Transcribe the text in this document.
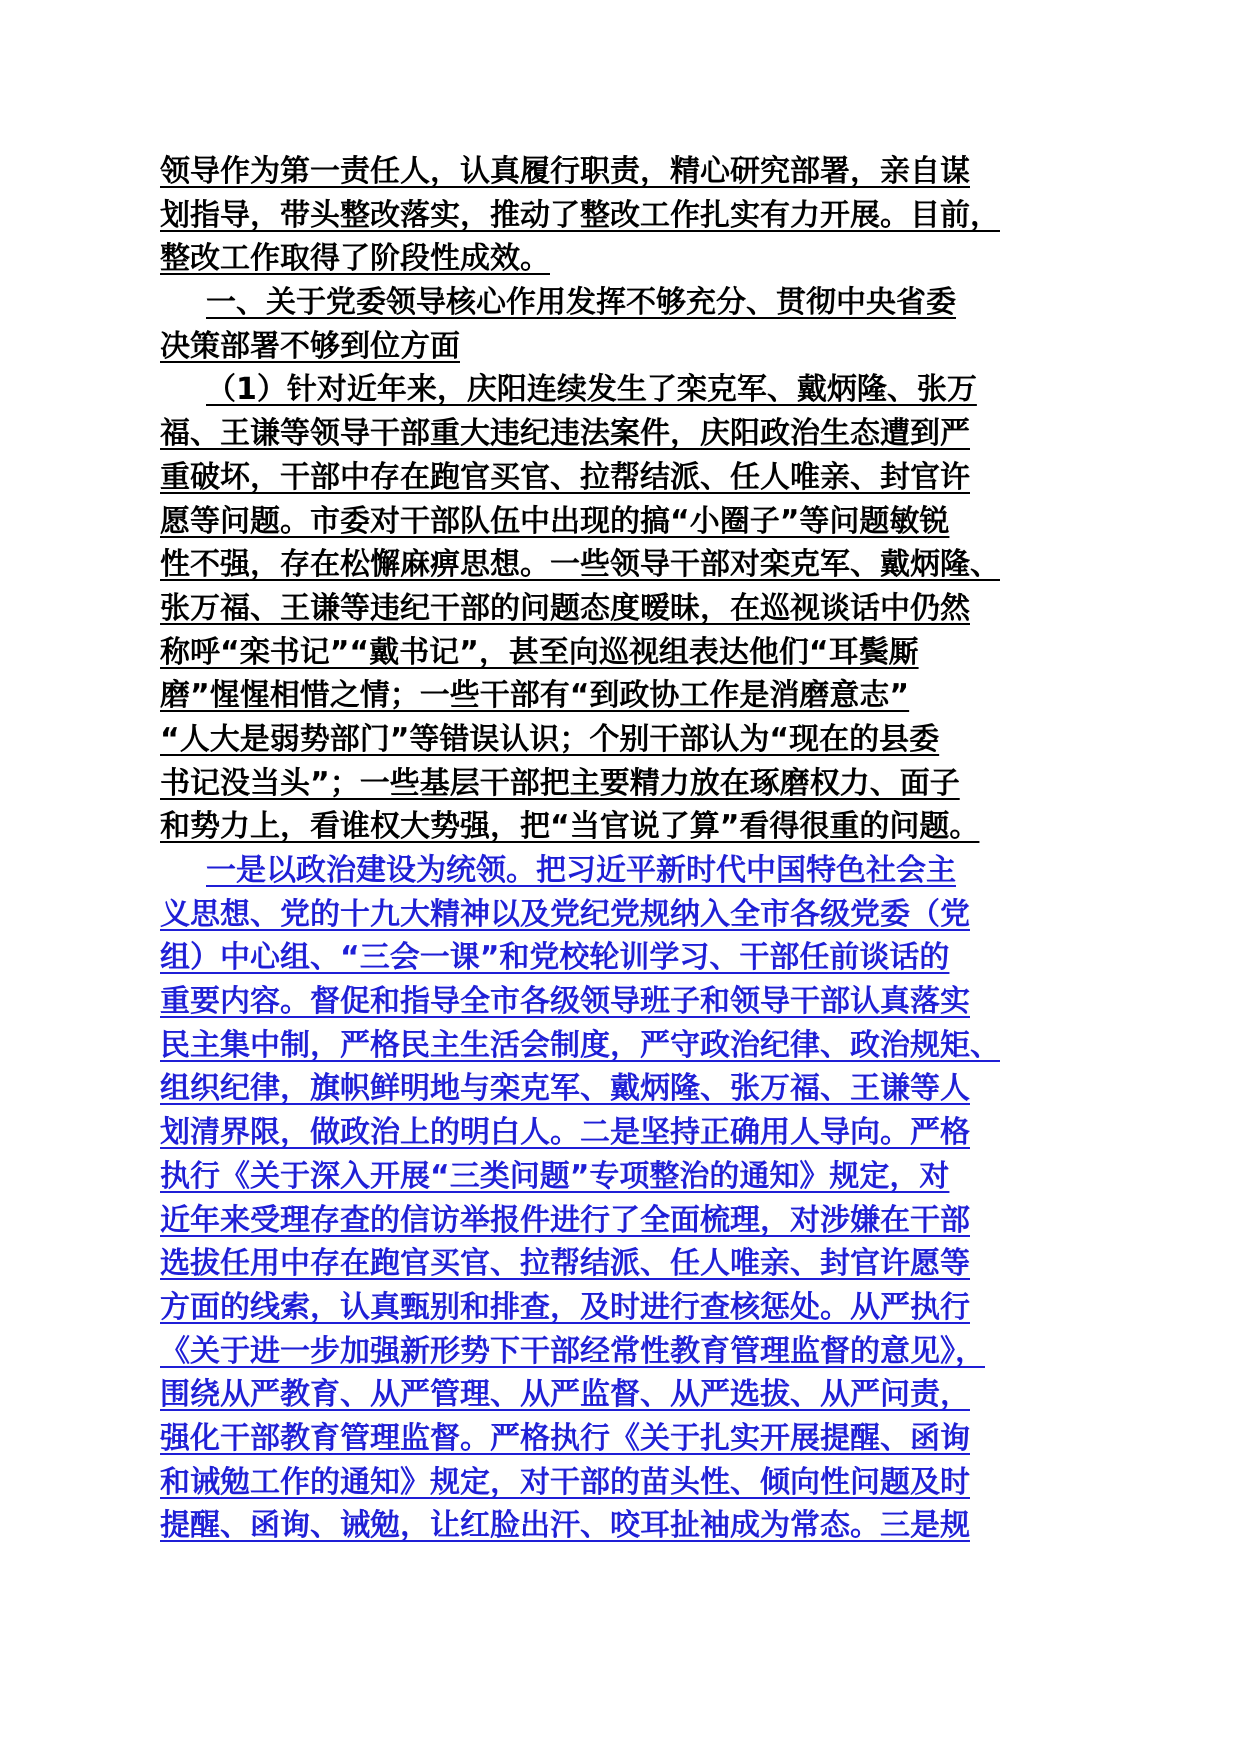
领导作为第一责任人，认真履行职责，精心研究部署，亲自谋
划指导，带头整改落实，推动了整改工作扎实有力开展。目前，
整改工作取得了阶段性成效。
一、关于党委领导核心作用发挥不够充分、贯彻中央省委
决策部署不够到位方面
（1）针对近年来，庆阳连续发生了栾克军、戴炳隆、张万
福、王谦等领导干部重大违纪违法案件，庆阳政治生态遭到严
重破坏，干部中存在跑官买官、拉帮结派、任人唯亲、封官许
愿等问题。市委对干部队伍中出现的搞“小圈子”等问题敏锐
性不强，存在松懈麻痹思想。一些领导干部对栾克军、戴炳隆、
张万福、王谦等违纪干部的问题态度暧昧，在巡视谈话中仍然
称呼“栾书记”“戴书记”，甚至向巡视组表达他们“耳鬓厮
磨”惺惺相惜之情；一些干部有“到政协工作是消磨意志”
“人大是弱势部门”等错误认识；个别干部认为“现在的县委
书记没当头”；一些基层干部把主要精力放在琢磨权力、面子
和势力上，看谁权大势强，把“当官说了算”看得很重的问题。
一是以政治建设为统领。把习近平新时代中国特色社会主
义思想、党的十九大精神以及党纪党规纳入全市各级党委（党
组）中心组、“三会一课”和党校轮训学习、干部任前谈话的
重要内容。督促和指导全市各级领导班子和领导干部认真落实
民主集中制，严格民主生活会制度，严守政治纪律、政治规矩、
组织纪律，旗帜鲜明地与栾克军、戴炳隆、张万福、王谦等人
划清界限，做政治上的明白人。二是坚持正确用人导向。严格
执行《关于深入开展“三类问题”专项整治的通知》规定，对
近年来受理存查的信访举报件进行了全面梳理，对涉嫌在干部
选拔任用中存在跑官买官、拉帮结派、任人唯亲、封官许愿等
方面的线索，认真甄别和排查，及时进行查核惩处。从严执行
《关于进一步加强新形势下干部经常性教育管理监督的意见》，
围绕从严教育、从严管理、从严监督、从严选拔、从严问责，
强化干部教育管理监督。严格执行《关于扎实开展提醒、函询
和诫勉工作的通知》规定，对干部的苗头性、倾向性问题及时
提醒、函询、诫勉，让红脸出汗、咬耳扯袖成为常态。三是规
